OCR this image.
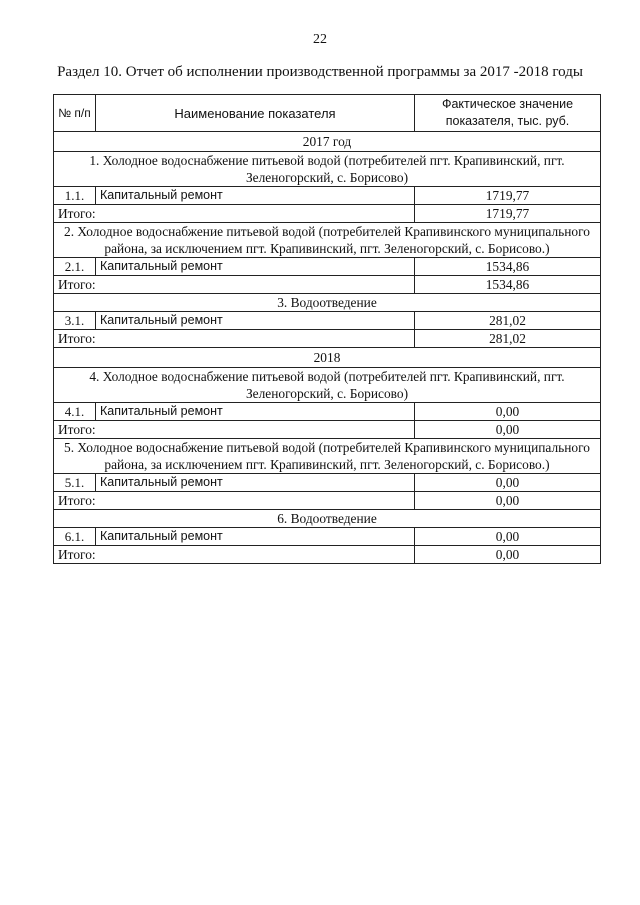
22
Раздел 10. Отчет об исполнении производственной программы за 2017 -2018 годы
№ п/п	Наименование показателя	Фактическое значение показателя, тыс. руб.
2017 год		
1. Холодное водоснабжение питьевой водой (потребителей пгт. Крапивинский, пгт. Зеленогорский, с. Борисово)		
1.1.	Капитальный ремонт	1719,77
Итого:		1719,77
2. Холодное водоснабжение питьевой водой (потребителей Крапивинского муниципального района, за исключением пгт. Крапивинский, пгт. Зеленогорский, с. Борисово.)		
2.1.	Капитальный ремонт	1534,86
Итого:		1534,86
3. Водоотведение		
3.1.	Капитальный ремонт	281,02
Итого:		281,02
2018		
4. Холодное водоснабжение питьевой водой (потребителей пгт. Крапивинский, пгт. Зеленогорский, с. Борисово)		
4.1.	Капитальный ремонт	0,00
Итого:		0,00
5. Холодное водоснабжение питьевой водой (потребителей Крапивинского муниципального района, за исключением пгт. Крапивинский, пгт. Зеленогорский, с. Борисово.)		
5.1.	Капитальный ремонт	0,00
Итого:		0,00
6. Водоотведение		
6.1.	Капитальный ремонт	0,00
Итого:		0,00
